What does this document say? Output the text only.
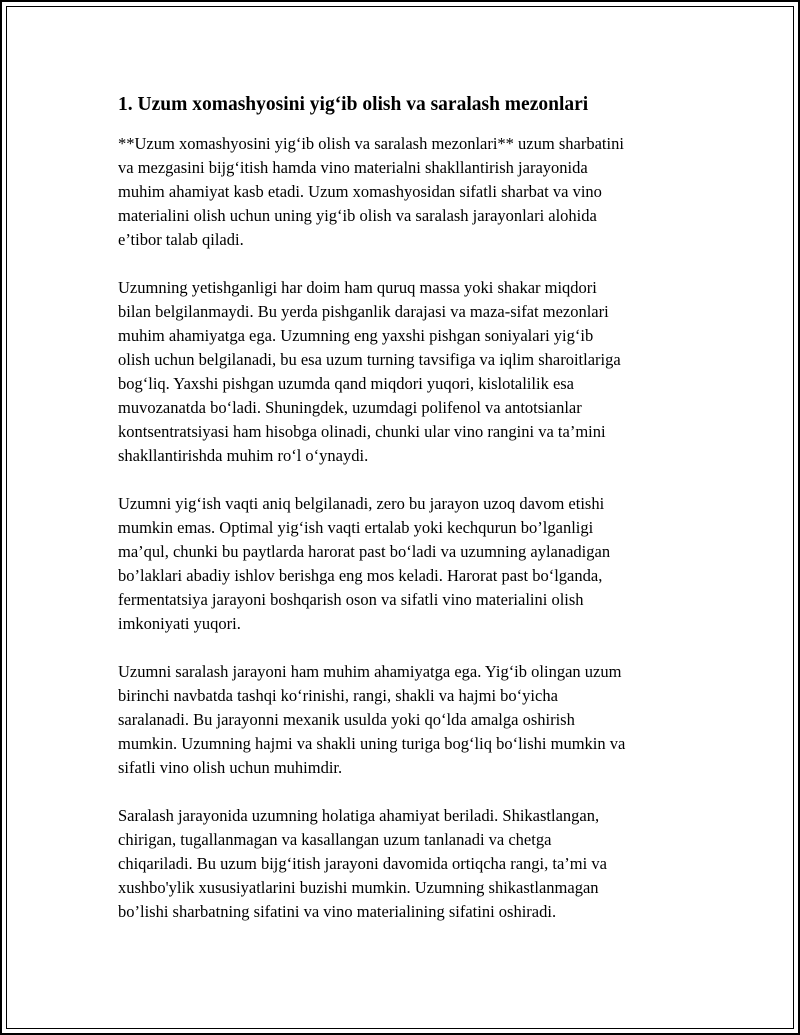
1. Uzum xomashyosini yig‘ib olish va saralash mezonlari

**Uzum xomashyosini yig‘ib olish va saralash mezonlari** uzum sharbatini
va mezgasini bijg‘itish hamda vino materialni shakllantirish jarayonida
muhim ahamiyat kasb etadi. Uzum xomashyosidan sifatli sharbat va vino
materialini olish uchun uning yig‘ib olish va saralash jarayonlari alohida
e’tibor talab qiladi.

Uzumning yetishganligi har doim ham quruq massa yoki shakar miqdori
bilan belgilanmaydi. Bu yerda pishganlik darajasi va maza-sifat mezonlari
muhim ahamiyatga ega. Uzumning eng yaxshi pishgan soniyalari yig‘ib
olish uchun belgilanadi, bu esa uzum turning tavsifiga va iqlim sharoitlariga
bog‘liq. Yaxshi pishgan uzumda qand miqdori yuqori, kislotalilik esa
muvozanatda bo‘ladi. Shuningdek, uzumdagi polifenol va antotsianlar
kontsentratsiyasi ham hisobga olinadi, chunki ular vino rangini va ta’mini
shakllantirishda muhim ro‘l o‘ynaydi.

Uzumni yig‘ish vaqti aniq belgilanadi, zero bu jarayon uzoq davom etishi
mumkin emas. Optimal yig‘ish vaqti ertalab yoki kechqurun bo’lganligi
ma’qul, chunki bu paytlarda harorat past bo‘ladi va uzumning aylanadigan
bo’laklari abadiy ishlov berishga eng mos keladi. Harorat past bo‘lganda,
fermentatsiya jarayoni boshqarish oson va sifatli vino materialini olish
imkoniyati yuqori.

Uzumni saralash jarayoni ham muhim ahamiyatga ega. Yig‘ib olingan uzum
birinchi navbatda tashqi ko‘rinishi, rangi, shakli va hajmi bo‘yicha
saralanadi. Bu jarayonni mexanik usulda yoki qo‘lda amalga oshirish
mumkin. Uzumning hajmi va shakli uning turiga bog‘liq bo‘lishi mumkin va
sifatli vino olish uchun muhimdir.

Saralash jarayonida uzumning holatiga ahamiyat beriladi. Shikastlangan,
chirigan, tugallanmagan va kasallangan uzum tanlanadi va chetga
chiqariladi. Bu uzum bijg‘itish jarayoni davomida ortiqcha rangi, ta’mi va
xushbo'ylik xususiyatlarini buzishi mumkin. Uzumning shikastlanmagan
bo’lishi sharbatning sifatini va vino materialining sifatini oshiradi.
